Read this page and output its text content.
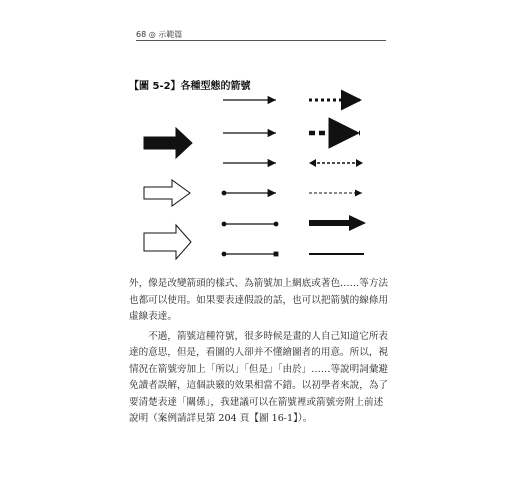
68 ◎ 示範篇
【圖 5-2】各種型態的箭號

外，像是改變箭頭的樣式、為箭號加上網底或著色……等方法也都可以使用。如果要表達假設的話，也可以把箭號的線條用虛線表達。

不過，箭號這種符號，很多時候是畫的人自己知道它所表達的意思，但是，看圖的人卻并不懂繪圖者的用意。所以，視情況在箭號旁加上「所以」「但是」「由於」……等說明詞彙避免讀者誤解，這個訣竅的效果相當不錯。以初學者來說，為了要清楚表達「關係」，我建議可以在箭號裡或箭號旁附上前述說明（案例請詳見第 204 頁【圖 16-1】）。
